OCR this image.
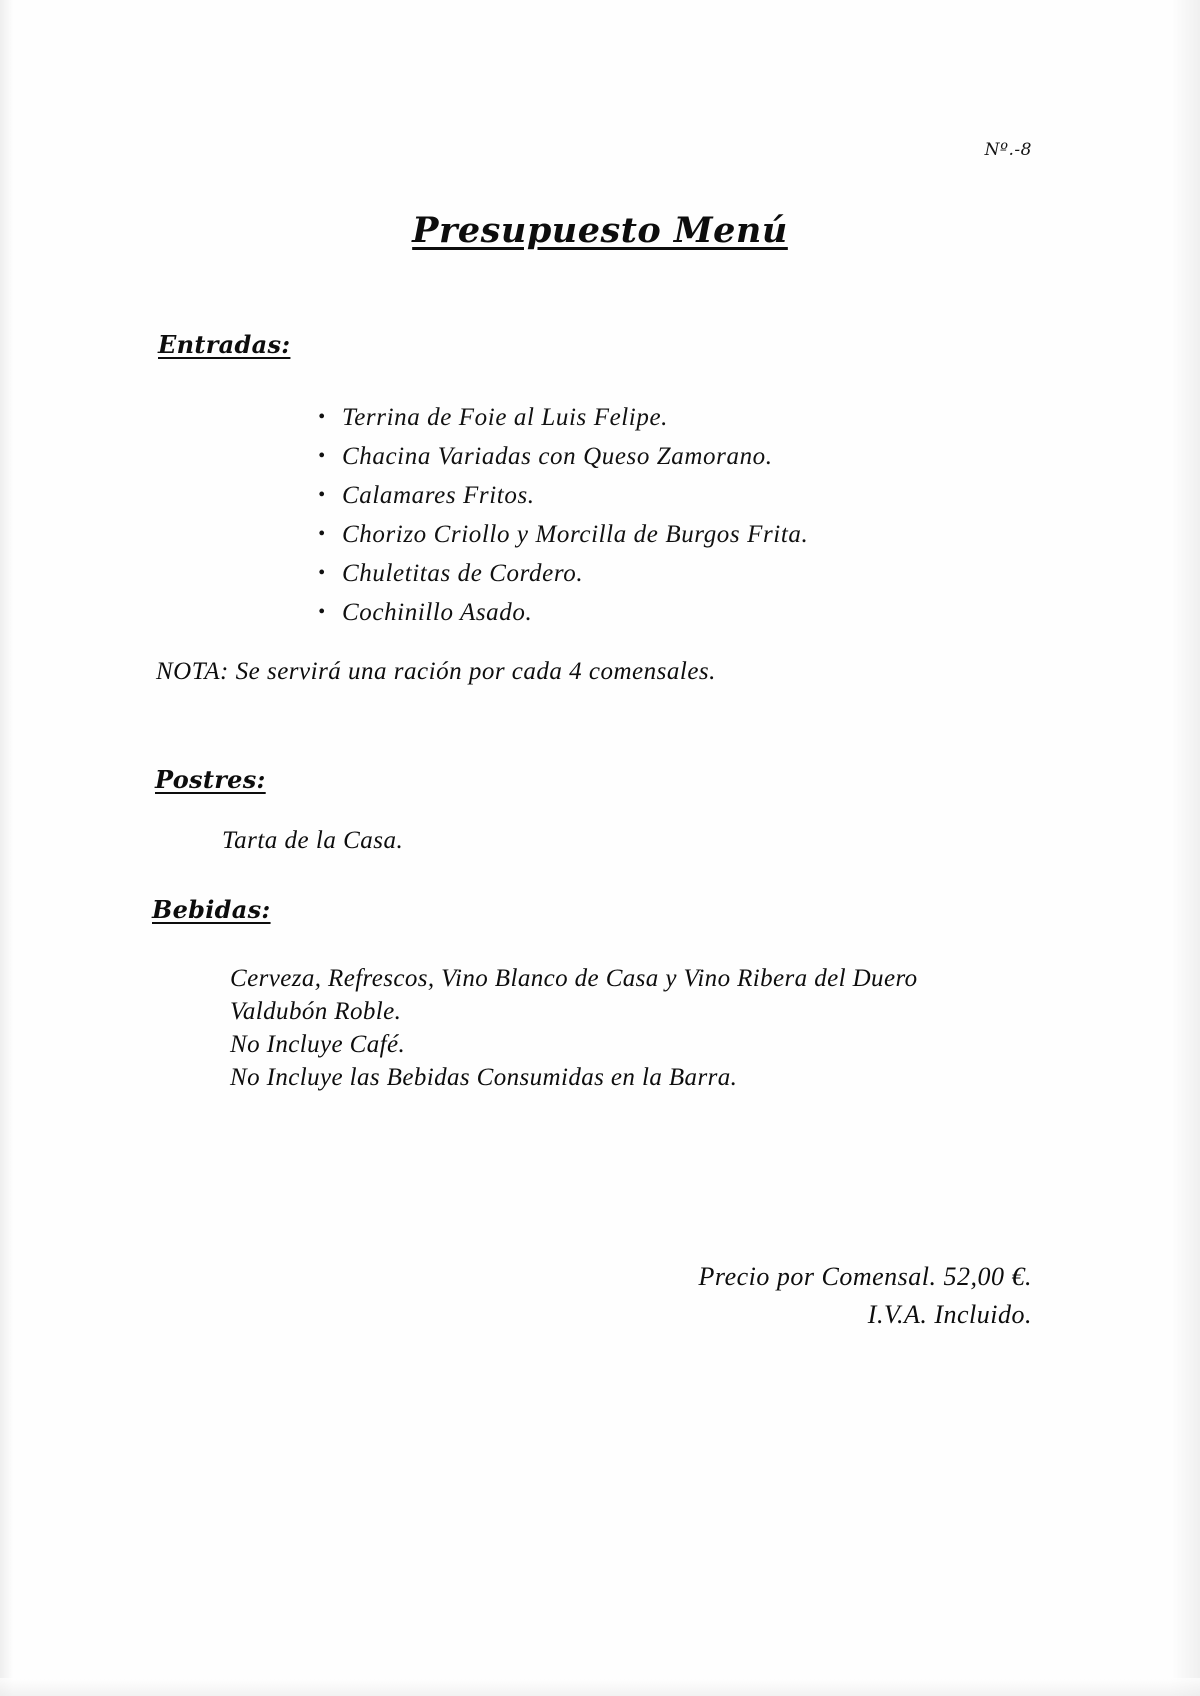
Nº.-8
Presupuesto Menú
Entradas:
• Terrina de Foie al Luis Felipe.
• Chacina Variadas con Queso Zamorano.
• Calamares Fritos.
• Chorizo Criollo y Morcilla de Burgos Frita.
• Chuletitas de Cordero.
• Cochinillo Asado.
NOTA: Se servirá una ración por cada 4 comensales.
Postres:
Tarta de la Casa.
Bebidas:

Cerveza, Refrescos, Vino Blanco de Casa y Vino Ribera del Duero

Valdubón Roble.

No Incluye Café.

No Incluye las Bebidas Consumidas en la Barra.

Precio por Comensal. 52,00 €.
I.V.A. Incluido.
